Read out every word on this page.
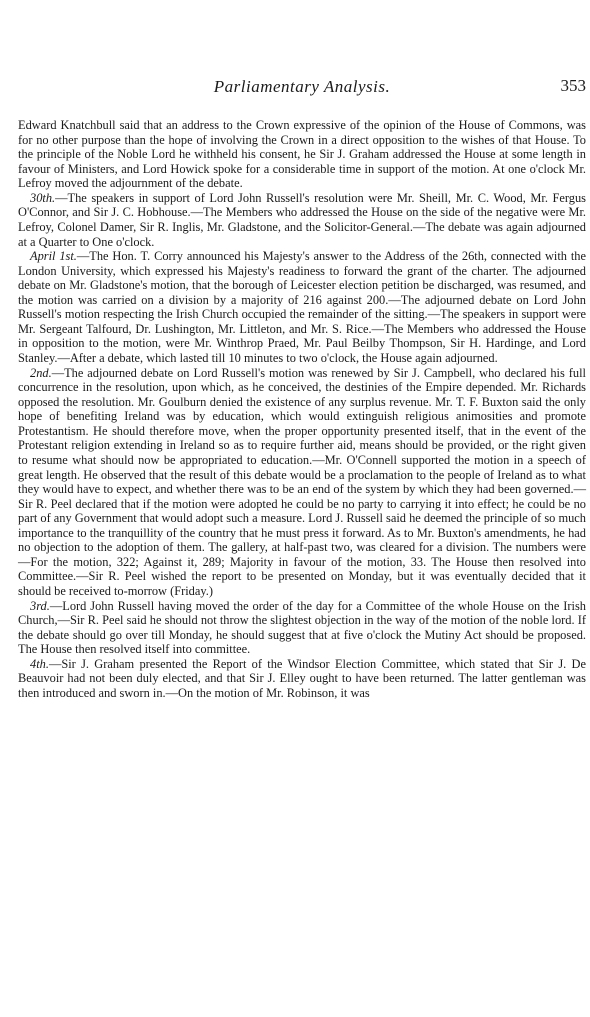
Parliamentary Analysis.	353

Edward Knatchbull said that an address to the Crown expressive of the opinion of the House of Commons, was for no other purpose than the hope of involving the Crown in a direct opposition to the wishes of that House. To the principle of the Noble Lord he withheld his consent, he Sir J. Graham addressed the House at some length in favour of Ministers, and Lord Howick spoke for a considerable time in support of the motion. At one o'clock Mr. Lefroy moved the adjournment of the debate.

30th.—The speakers in support of Lord John Russell's resolution were Mr. Sheill, Mr. C. Wood, Mr. Fergus O'Connor, and Sir J. C. Hobhouse.—The Members who addressed the House on the side of the negative were Mr. Lefroy, Colonel Damer, Sir R. Inglis, Mr. Gladstone, and the Solicitor-General.—The debate was again adjourned at a Quarter to One o'clock.

April 1st.—The Hon. T. Corry announced his Majesty's answer to the Address of the 26th, connected with the London University, which expressed his Majesty's readiness to forward the grant of the charter. The adjourned debate on Mr. Gladstone's motion, that the borough of Leicester election petition be discharged, was resumed, and the motion was carried on a division by a majority of 216 against 200.—The adjourned debate on Lord John Russell's motion respecting the Irish Church occupied the remainder of the sitting.—The speakers in support were Mr. Sergeant Talfourd, Dr. Lushington, Mr. Littleton, and Mr. S. Rice.—The Members who addressed the House in opposition to the motion, were Mr. Winthrop Praed, Mr. Paul Beilby Thompson, Sir H. Hardinge, and Lord Stanley.—After a debate, which lasted till 10 minutes to two o'clock, the House again adjourned.

2nd.—The adjourned debate on Lord Russell's motion was renewed by Sir J. Campbell, who declared his full concurrence in the resolution, upon which, as he conceived, the destinies of the Empire depended. Mr. Richards opposed the resolution. Mr. Goulburn denied the existence of any surplus revenue. Mr. T. F. Buxton said the only hope of benefiting Ireland was by education, which would extinguish religious animosities and promote Protestantism. He should therefore move, when the proper opportunity presented itself, that in the event of the Protestant religion extending in Ireland so as to require further aid, means should be provided, or the right given to resume what should now be appropriated to education.—Mr. O'Connell supported the motion in a speech of great length. He observed that the result of this debate would be a proclamation to the people of Ireland as to what they would have to expect, and whether there was to be an end of the system by which they had been governed.—Sir R. Peel declared that if the motion were adopted he could be no party to carrying it into effect; he could be no part of any Government that would adopt such a measure. Lord J. Russell said he deemed the principle of so much importance to the tranquillity of the country that he must press it forward. As to Mr. Buxton's amendments, he had no objection to the adoption of them. The gallery, at half-past two, was cleared for a division. The numbers were—For the motion, 322; Against it, 289; Majority in favour of the motion, 33. The House then resolved into Committee.—Sir R. Peel wished the report to be presented on Monday, but it was eventually decided that it should be received to-morrow (Friday.)

3rd.—Lord John Russell having moved the order of the day for a Committee of the whole House on the Irish Church,—Sir R. Peel said he should not throw the slightest objection in the way of the motion of the noble lord. If the debate should go over till Monday, he should suggest that at five o'clock the Mutiny Act should be proposed. The House then resolved itself into committee.

4th.—Sir J. Graham presented the Report of the Windsor Election Committee, which stated that Sir J. De Beauvoir had not been duly elected, and that Sir J. Elley ought to have been returned. The latter gentleman was then introduced and sworn in.—On the motion of Mr. Robinson, it was
